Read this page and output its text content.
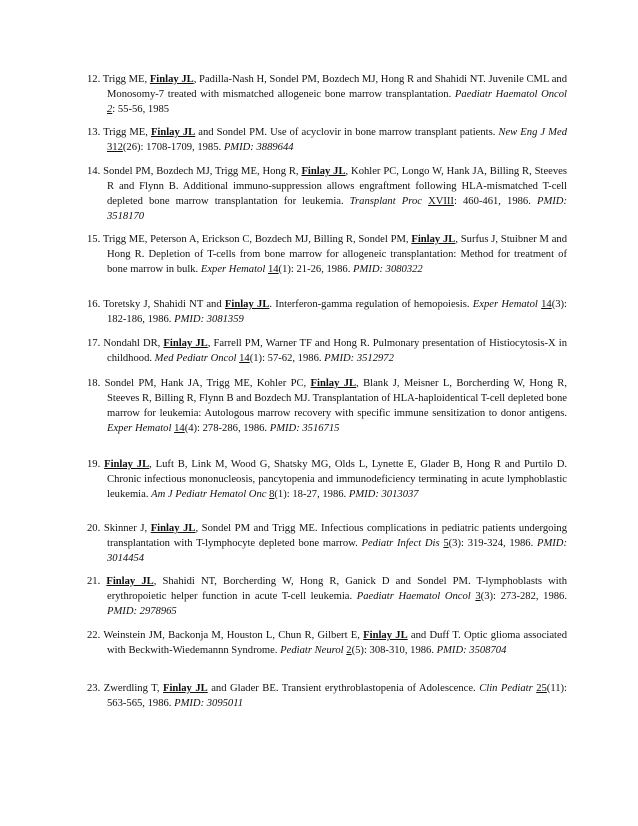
12. Trigg ME, Finlay JL, Padilla-Nash H, Sondel PM, Bozdech MJ, Hong R and Shahidi NT. Juvenile CML and Monosomy-7 treated with mismatched allogeneic bone marrow transplantation. Paediatr Haematol Oncol 2: 55-56, 1985

13. Trigg ME, Finlay JL and Sondel PM. Use of acyclovir in bone marrow transplant patients. New Eng J Med 312(26): 1708-1709, 1985. PMID: 3889644

14. Sondel PM, Bozdech MJ, Trigg ME, Hong R, Finlay JL, Kohler PC, Longo W, Hank JA, Billing R, Steeves R and Flynn B. Additional immuno-suppression allows engraftment following HLA-mismatched T-cell depleted bone marrow transplantation for leukemia. Transplant Proc XVIII: 460-461, 1986. PMID: 3518170

15. Trigg ME, Peterson A, Erickson C, Bozdech MJ, Billing R, Sondel PM, Finlay JL, Surfus J, Stuibner M and Hong R. Depletion of T-cells from bone marrow for allogeneic transplantation: Method for treatment of bone marrow in bulk. Exper Hematol 14(1): 21-26, 1986. PMID: 3080322

16. Toretsky J, Shahidi NT and Finlay JL. Interferon-gamma regulation of hemopoiesis. Exper Hematol 14(3): 182-186, 1986. PMID: 3081359

17. Nondahl DR, Finlay JL, Farrell PM, Warner TF and Hong R. Pulmonary presentation of Histiocytosis-X in childhood. Med Pediatr Oncol 14(1): 57-62, 1986. PMID: 3512972

18. Sondel PM, Hank JA, Trigg ME, Kohler PC, Finlay JL, Blank J, Meisner L, Borcherding W, Hong R, Steeves R, Billing R, Flynn B and Bozdech MJ. Transplantation of HLA-haploidentical T-cell depleted bone marrow for leukemia: Autologous marrow recovery with specific immune sensitization to donor antigens. Exper Hematol 14(4): 278-286, 1986. PMID: 3516715

19. Finlay JL, Luft B, Link M, Wood G, Shatsky MG, Olds L, Lynette E, Glader B, Hong R and Purtilo D. Chronic infectious mononucleosis, pancytopenia and immunodeficiency terminating in acute lymphoblastic leukemia. Am J Pediatr Hematol Onc 8(1): 18-27, 1986. PMID: 3013037

20. Skinner J, Finlay JL, Sondel PM and Trigg ME. Infectious complications in pediatric patients undergoing transplantation with T-lymphocyte depleted bone marrow. Pediatr Infect Dis 5(3): 319-324, 1986. PMID: 3014454

21. Finlay JL, Shahidi NT, Borcherding W, Hong R, Ganick D and Sondel PM. T-lymphoblasts with erythropoietic helper function in acute T-cell leukemia. Paediatr Haematol Oncol 3(3): 273-282, 1986. PMID: 2978965

22. Weinstein JM, Backonja M, Houston L, Chun R, Gilbert E, Finlay JL and Duff T. Optic glioma associated with Beckwith-Wiedemannn Syndrome. Pediatr Neurol 2(5): 308-310, 1986. PMID: 3508704

23. Zwerdling T, Finlay JL and Glader BE. Transient erythroblastopenia of Adolescence. Clin Pediatr 25(11): 563-565, 1986. PMID: 3095011
